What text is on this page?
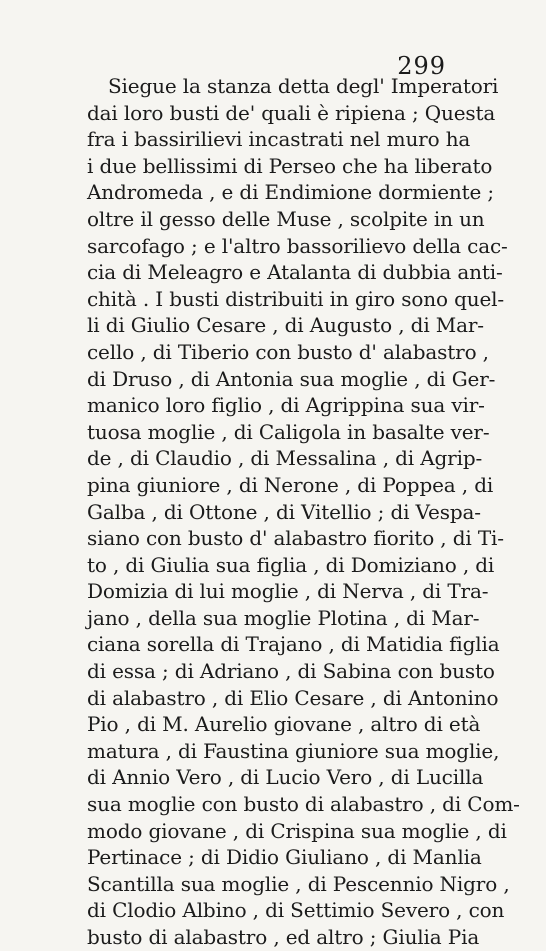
299
Siegue la stanza detta degl' Imperatori
dai loro busti de' quali è ripiena ; Questa
fra i bassirilievi incastrati nel muro ha
i due bellissimi di Perseo che ha liberato
Andromeda , e di Endimione dormiente ;
oltre il gesso delle Muse , scolpite in un
sarcofago ; e l'altro bassorilievo della cac-
cia di Meleagro e Atalanta di dubbia anti-
chità . I busti distribuiti in giro sono quel-
li di Giulio Cesare , di Augusto , di Mar-
cello , di Tiberio con busto d' alabastro ,
di Druso , di Antonia sua moglie , di Ger-
manico loro figlio , di Agrippina sua vir-
tuosa moglie , di Caligola in basalte ver-
de , di Claudio , di Messalina , di Agrip-
pina giuniore , di Nerone , di Poppea , di
Galba , di Ottone , di Vitellio ; di Vespa-
siano con busto d' alabastro fiorito , di Ti-
to , di Giulia sua figlia , di Domiziano , di
Domizia di lui moglie , di Nerva , di Tra-
jano , della sua moglie Plotina , di Mar-
ciana sorella di Trajano , di Matidia figlia
di essa ; di Adriano , di Sabina con busto
di alabastro , di Elio Cesare , di Antonino
Pio , di M. Aurelio giovane , altro di età
matura , di Faustina giuniore sua moglie,
di Annio Vero , di Lucio Vero , di Lucilla
sua moglie con busto di alabastro , di Com-
modo giovane , di Crispina sua moglie , di
Pertinace ; di Didio Giuliano , di Manlia
Scantilla sua moglie , di Pescennio Nigro ,
di Clodio Albino , di Settimio Severo , con
busto di alabastro , ed altro ; Giulia Pia
